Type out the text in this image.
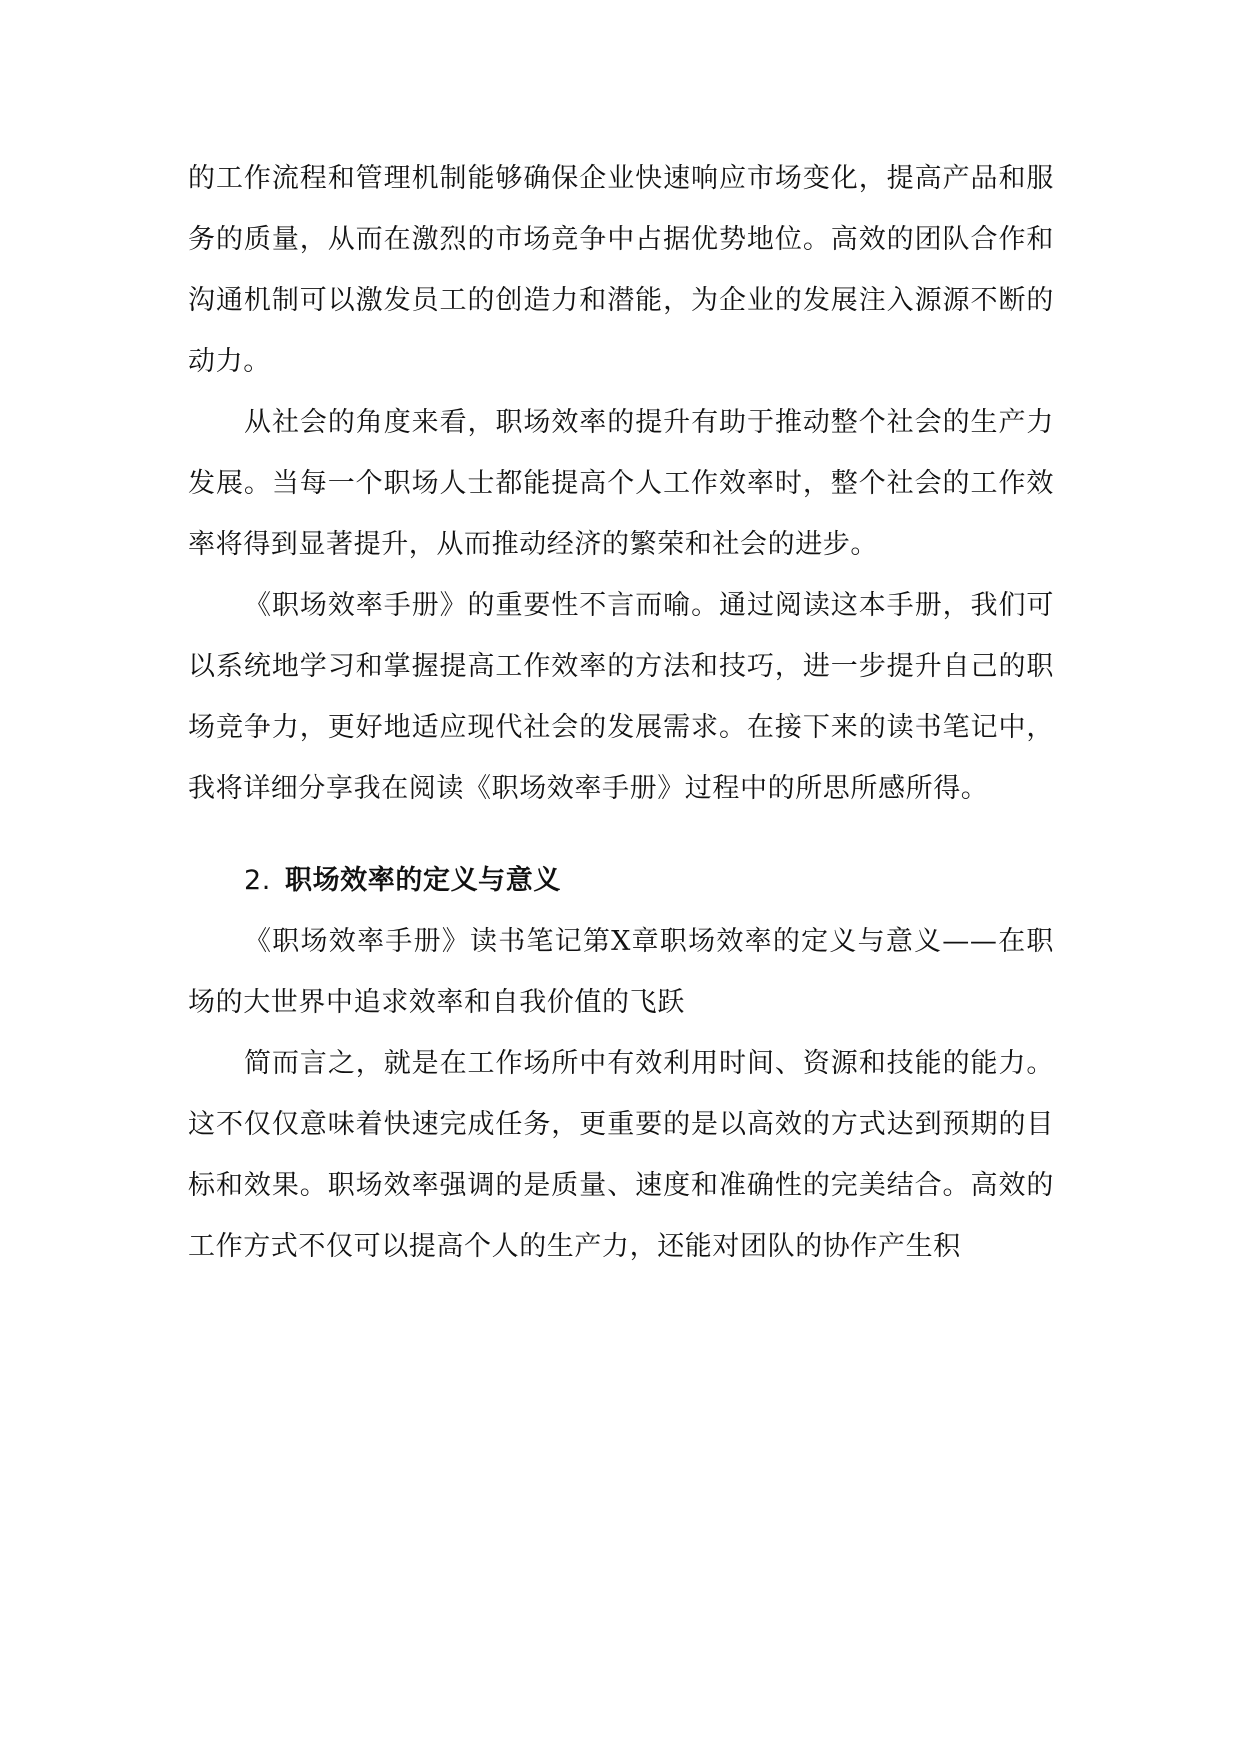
的工作流程和管理机制能够确保企业快速响应市场变化，提高产品和服务的质量，从而在激烈的市场竞争中占据优势地位。高效的团队合作和沟通机制可以激发员工的创造力和潜能，为企业的发展注入源源不断的动力。

从社会的角度来看，职场效率的提升有助于推动整个社会的生产力发展。当每一个职场人士都能提高个人工作效率时，整个社会的工作效率将得到显著提升，从而推动经济的繁荣和社会的进步。

《职场效率手册》的重要性不言而喻。通过阅读这本手册，我们可以系统地学习和掌握提高工作效率的方法和技巧，进一步提升自己的职场竞争力，更好地适应现代社会的发展需求。在接下来的读书笔记中，我将详细分享我在阅读《职场效率手册》过程中的所思所感所得。

2. 职场效率的定义与意义

《职场效率手册》读书笔记第X章职场效率的定义与意义——在职场的大世界中追求效率和自我价值的飞跃

简而言之，就是在工作场所中有效利用时间、资源和技能的能力。这不仅仅意味着快速完成任务，更重要的是以高效的方式达到预期的目标和效果。职场效率强调的是质量、速度和准确性的完美结合。高效的工作方式不仅可以提高个人的生产力，还能对团队的协作产生积
